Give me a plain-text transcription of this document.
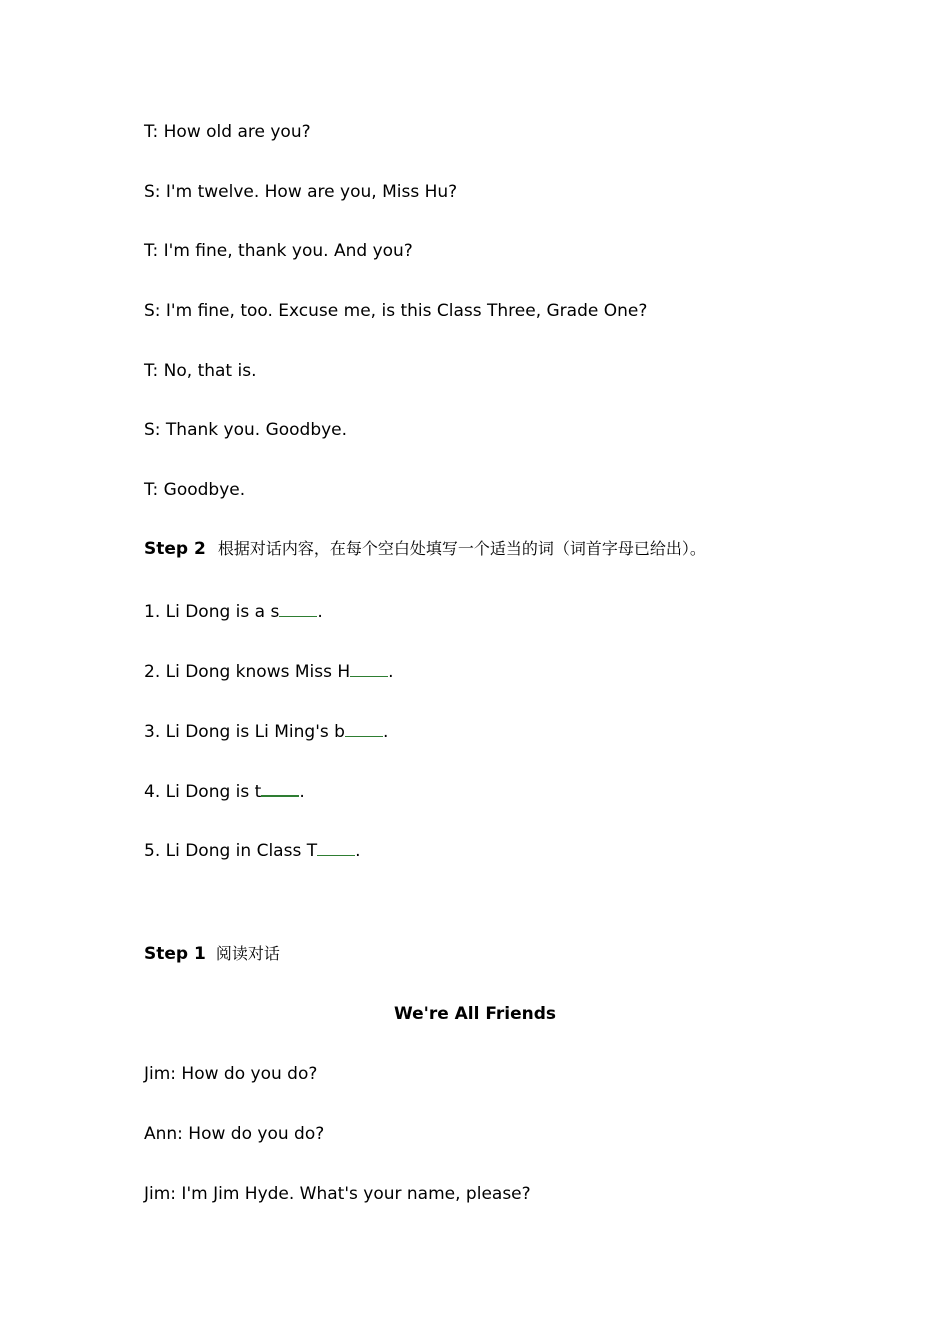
T: How old are you?
S: I'm twelve. How are you, Miss Hu?
T: I'm fine, thank you. And you?
S: I'm fine, too. Excuse me, is this Class Three, Grade One?
T: No, that is.
S: Thank you. Goodbye.
T: Goodbye.
Step 2 根据对话内容，在每个空白处填写一个适当的词（词首字母已给出）。
1. Li Dong is a s .
2. Li Dong knows Miss H .
3. Li Dong is Li Ming's b .
4. Li Dong is t .
5. Li Dong in Class T .
Step 1 阅读对话
We're All Friends
Jim: How do you do?
Ann: How do you do?
Jim: I'm Jim Hyde. What's your name, please?
